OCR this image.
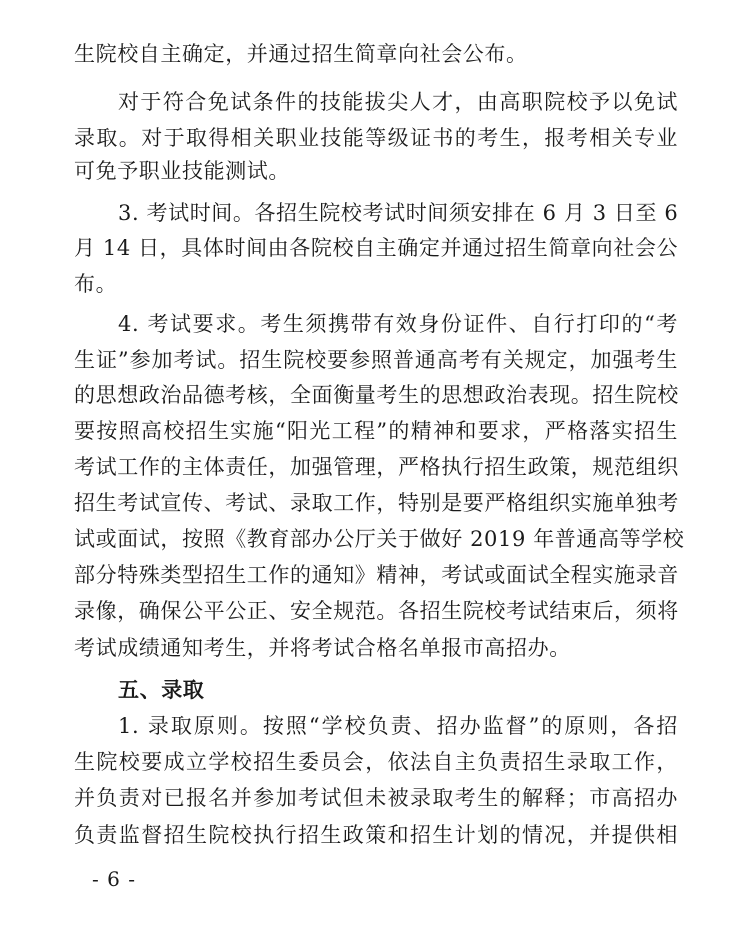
生院校自主确定，并通过招生简章向社会公布。
对于符合免试条件的技能拔尖人才，由高职院校予以免试
录取。对于取得相关职业技能等级证书的考生，报考相关专业
可免予职业技能测试。
3. 考试时间。各招生院校考试时间须安排在 6 月 3 日至 6
月 14 日，具体时间由各院校自主确定并通过招生简章向社会公
布。
4. 考试要求。考生须携带有效身份证件、自行打印的“考
生证”参加考试。招生院校要参照普通高考有关规定，加强考生
的思想政治品德考核，全面衡量考生的思想政治表现。招生院校
要按照高校招生实施“阳光工程”的精神和要求，严格落实招生
考试工作的主体责任，加强管理，严格执行招生政策，规范组织
招生考试宣传、考试、录取工作，特别是要严格组织实施单独考
试或面试，按照《教育部办公厅关于做好 2019 年普通高等学校
部分特殊类型招生工作的通知》精神，考试或面试全程实施录音
录像，确保公平公正、安全规范。各招生院校考试结束后，须将
考试成绩通知考生，并将考试合格名单报市高招办。
五、录取
1. 录取原则。按照“学校负责、招办监督”的原则，各招
生院校要成立学校招生委员会，依法自主负责招生录取工作，
并负责对已报名并参加考试但未被录取考生的解释；市高招办
负责监督招生院校执行招生政策和招生计划的情况，并提供相
- 6 -
